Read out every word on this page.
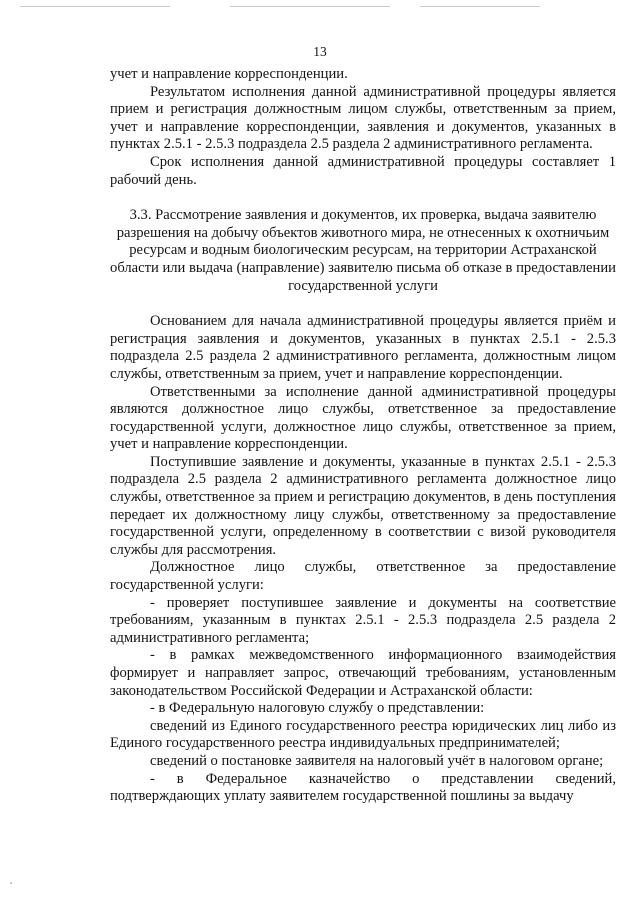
13

учет и направление корреспонденции.

Результатом исполнения данной административной процедуры является прием и регистрация должностным лицом службы, ответственным за прием, учет и направление корреспонденции, заявления и документов, указанных в пунктах 2.5.1 - 2.5.3 подраздела 2.5 раздела 2 административного регламента.

Срок исполнения данной административной процедуры составляет 1 рабочий день.

3.3. Рассмотрение заявления и документов, их проверка, выдача заявителю разрешения на добычу объектов животного мира, не отнесенных к охотничьим ресурсам и водным биологическим ресурсам, на территории Астраханской области или выдача (направление) заявителю письма об отказе в предоставлении государственной услуги

Основанием для начала административной процедуры является приём и регистрация заявления и документов, указанных в пунктах 2.5.1 - 2.5.3 подраздела 2.5 раздела 2 административного регламента, должностным лицом службы, ответственным за прием, учет и направление корреспонденции.

Ответственными за исполнение данной административной процедуры являются должностное лицо службы, ответственное за предоставление государственной услуги, должностное лицо службы, ответственное за прием, учет и направление корреспонденции.

Поступившие заявление и документы, указанные в пунктах 2.5.1 - 2.5.3 подраздела 2.5 раздела 2 административного регламента должностное лицо службы, ответственное за прием и регистрацию документов, в день поступления передает их должностному лицу службы, ответственному за предоставление государственной услуги, определенному в соответствии с визой руководителя службы для рассмотрения.

Должностное лицо службы, ответственное за предоставление государственной услуги:

- проверяет поступившее заявление и документы на соответствие требованиям, указанным в пунктах 2.5.1 - 2.5.3 подраздела 2.5 раздела 2 административного регламента;

- в рамках межведомственного информационного взаимодействия формирует и направляет запрос, отвечающий требованиям, установленным законодательством Российской Федерации и Астраханской области:

- в Федеральную налоговую службу о представлении:

сведений из Единого государственного реестра юридических лиц либо из Единого государственного реестра индивидуальных предпринимателей;

сведений о постановке заявителя на налоговый учёт в налоговом органе;

- в Федеральное казначейство о представлении сведений, подтверждающих уплату заявителем государственной пошлины за выдачу
